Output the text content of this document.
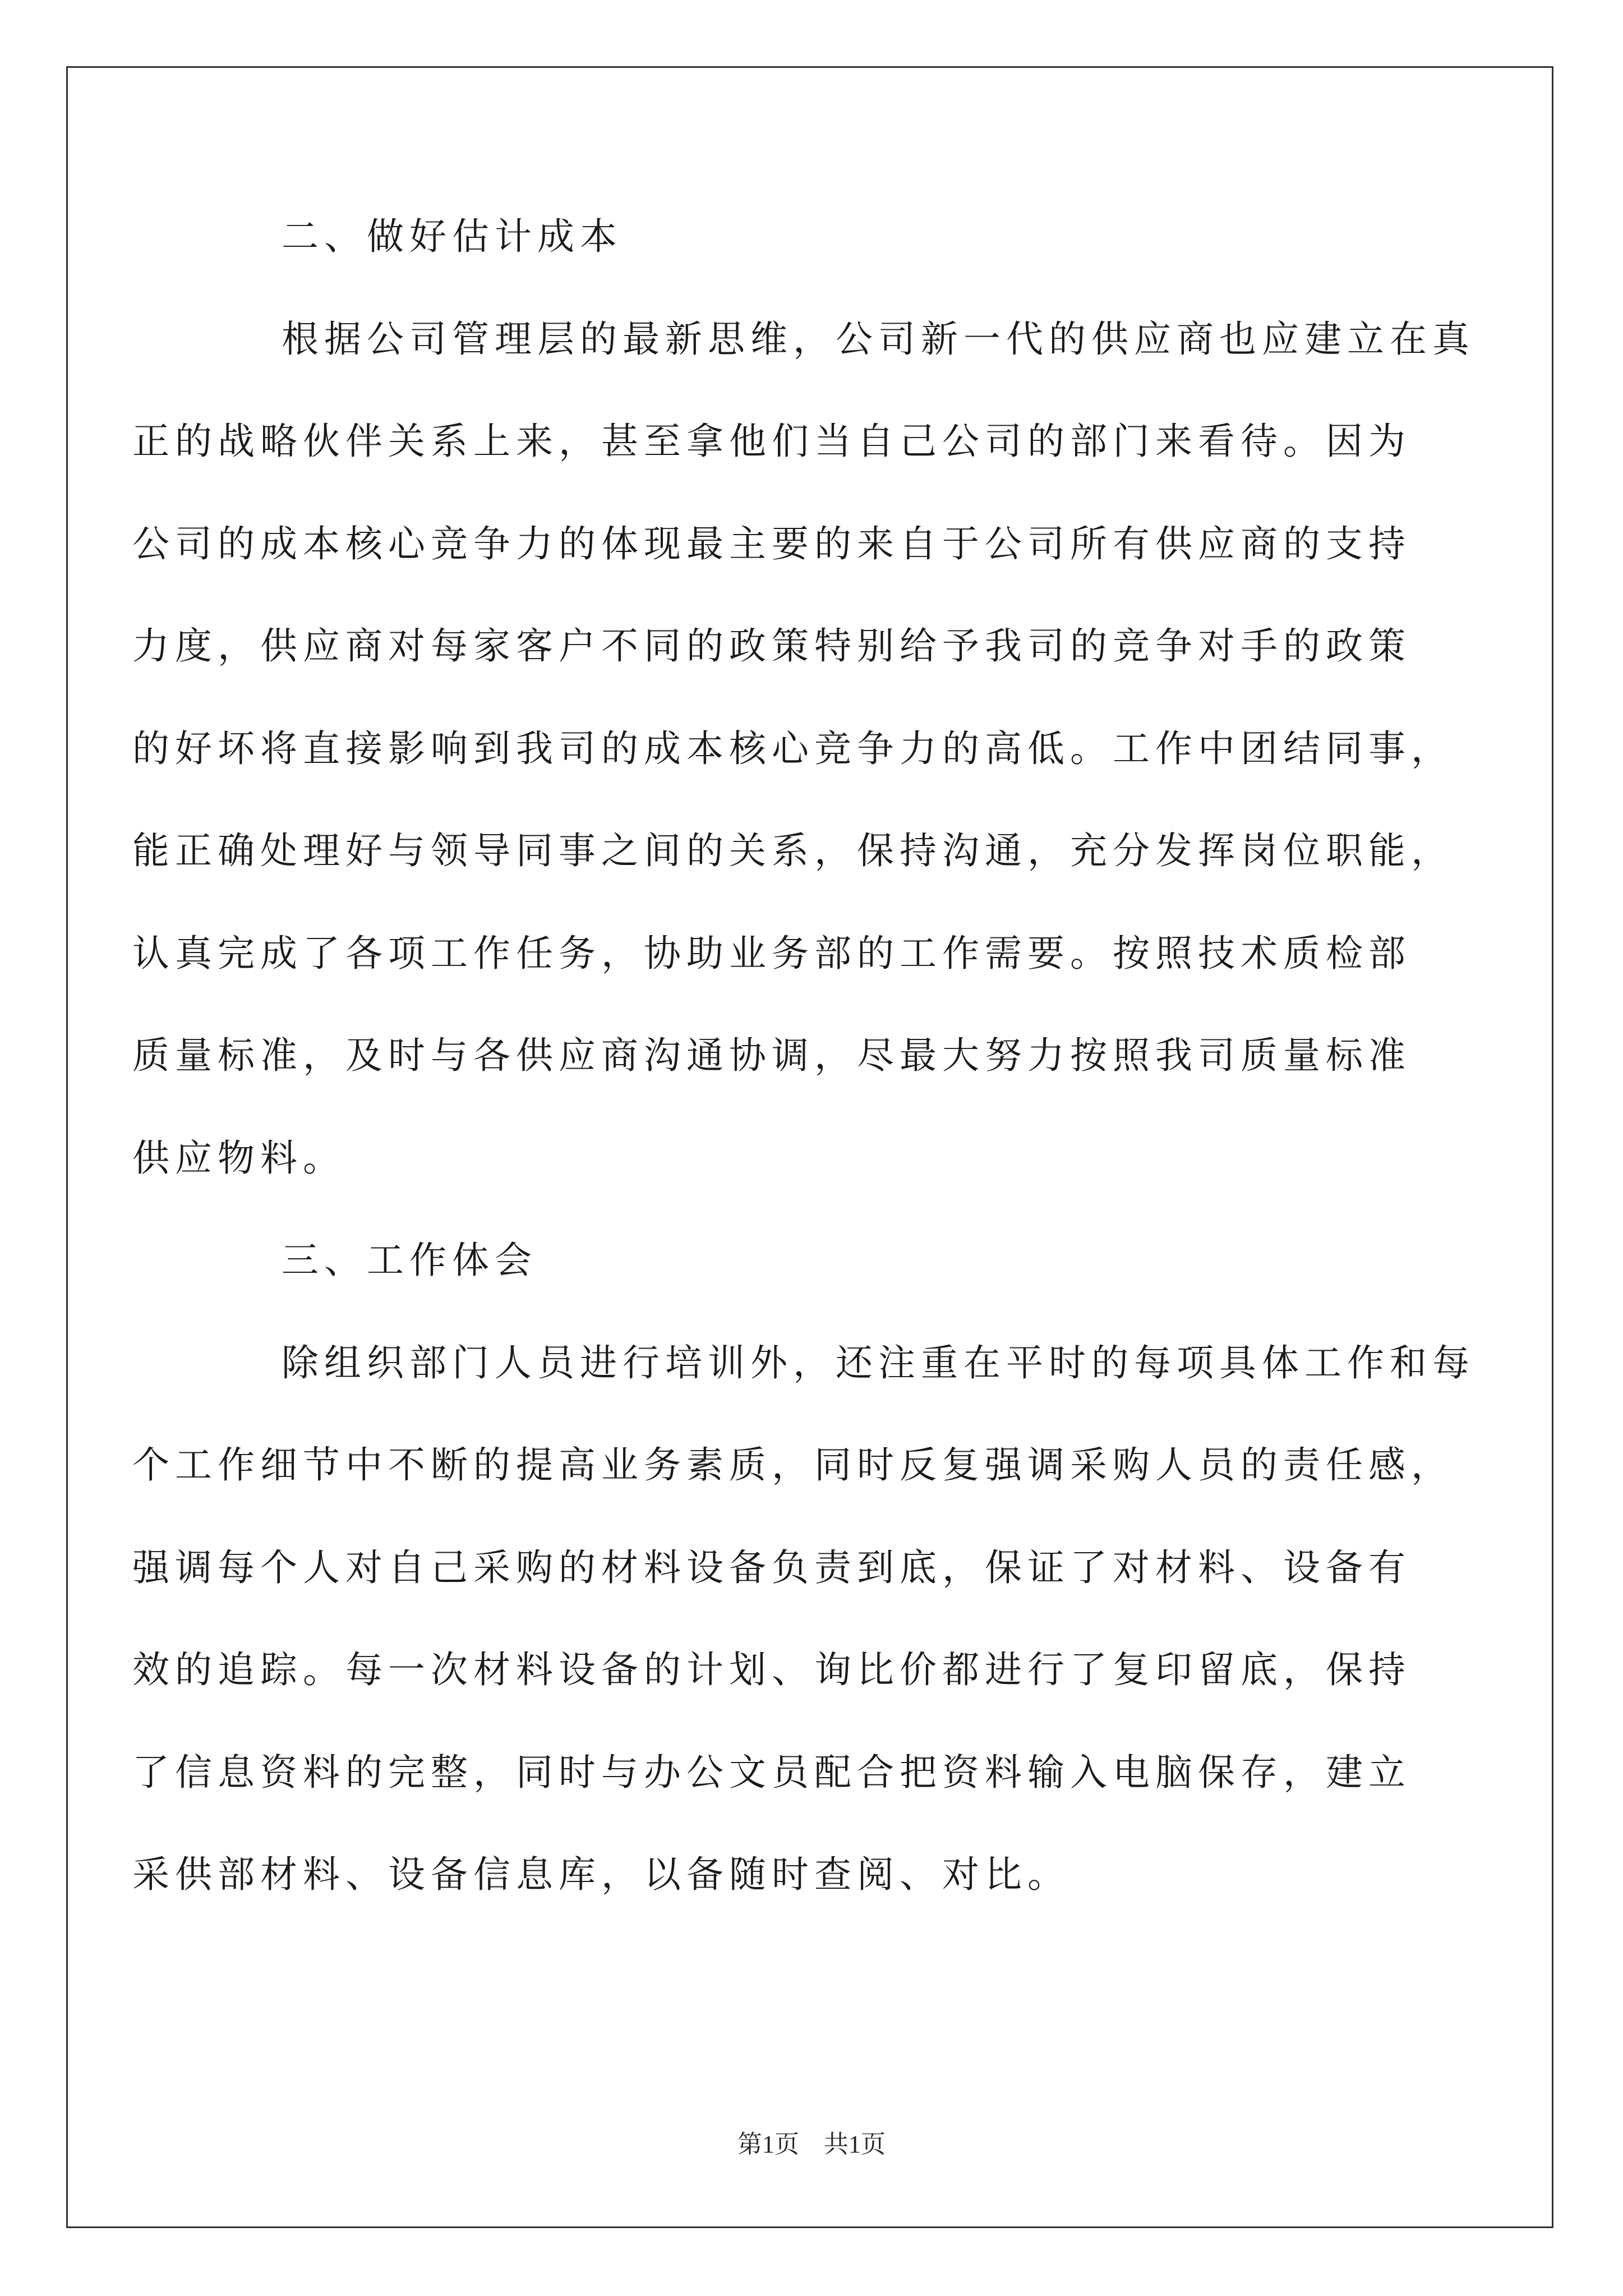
二、做好估计成本
根据公司管理层的最新思维，公司新一代的供应商也应建立在真
正的战略伙伴关系上来，甚至拿他们当自己公司的部门来看待。因为
公司的成本核心竞争力的体现最主要的来自于公司所有供应商的支持
力度，供应商对每家客户不同的政策特别给予我司的竞争对手的政策
的好坏将直接影响到我司的成本核心竞争力的高低。工作中团结同事，
能正确处理好与领导同事之间的关系，保持沟通，充分发挥岗位职能，
认真完成了各项工作任务，协助业务部的工作需要。按照技术质检部
质量标准，及时与各供应商沟通协调，尽最大努力按照我司质量标准
供应物料。
三、工作体会
除组织部门人员进行培训外，还注重在平时的每项具体工作和每
个工作细节中不断的提高业务素质，同时反复强调采购人员的责任感，
强调每个人对自己采购的材料设备负责到底，保证了对材料、设备有
效的追踪。每一次材料设备的计划、询比价都进行了复印留底，保持
了信息资料的完整，同时与办公文员配合把资料输入电脑保存，建立
采供部材料、设备信息库，以备随时查阅、对比。
第1页　共1页
